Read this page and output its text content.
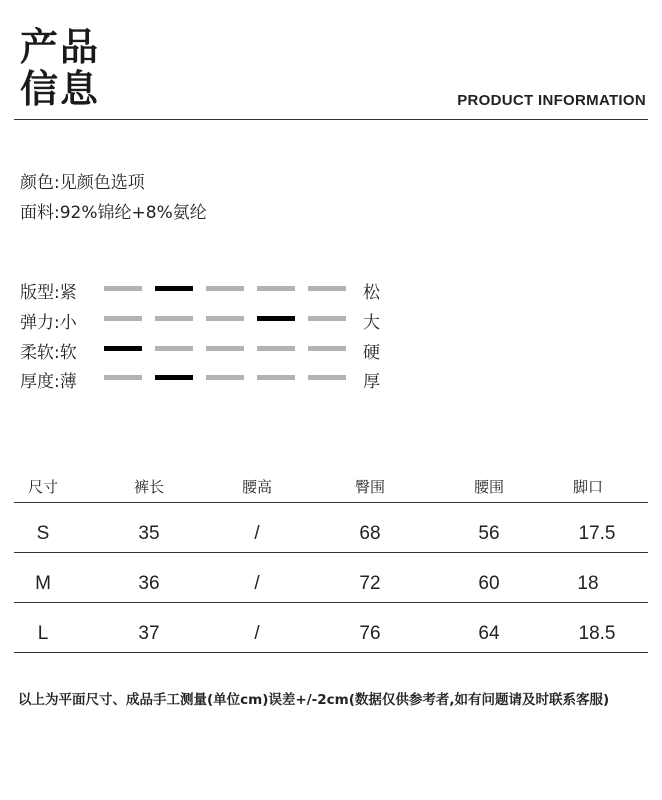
产品
信息	PRODUCT INFORMATION
颜色:见颜色选项
面料:92%锦纶+8%氨纶
版型:紧	松
弹力:小	大
柔软:软	硬
厚度:薄	厚
尺寸	裤长	腰高	臀围	腰围	脚口
S	35	/	68	56	17.5
M	36	/	72	60	18
L	37	/	76	64	18.5
以上为平面尺寸、成品手工测量(单位cm)误差+/-2cm(数据仅供参考者,如有问题请及时联系客服)
